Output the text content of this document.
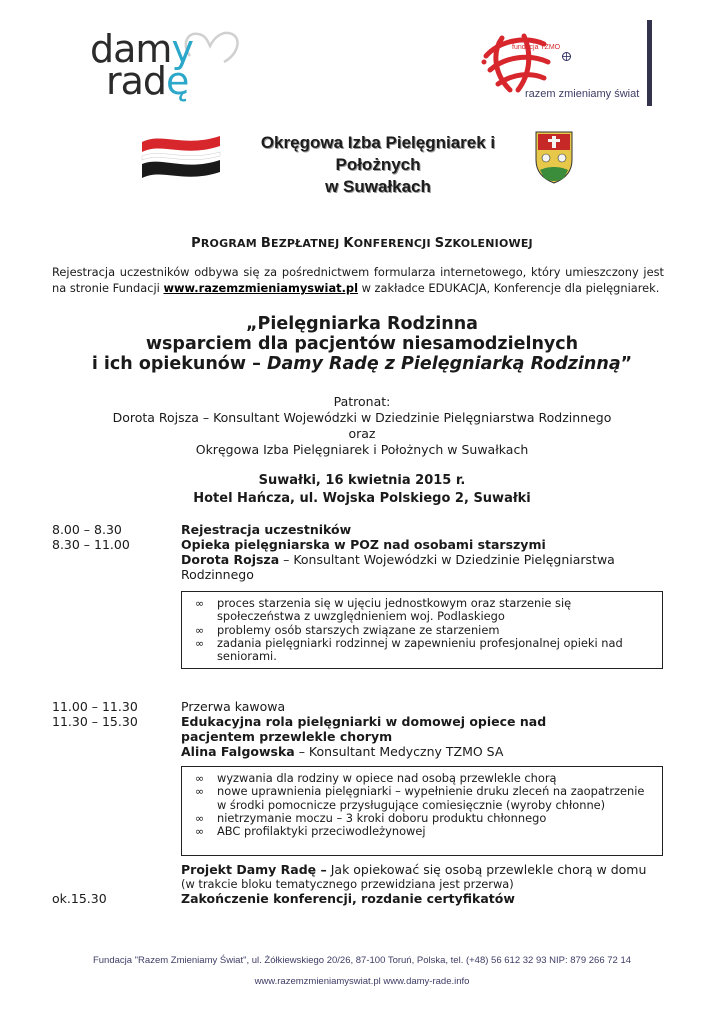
damy
radę
fundacja TZMO
razem zmieniamy świat
Okręgowa Izba Pielęgniarek i Położnych
w Suwałkach
PROGRAM BEZPŁATNEJ KONFERENCJI SZKOLENIOWEJ
Rejestracja uczestników odbywa się za pośrednictwem formularza internetowego, który umieszczony jest na stronie Fundacji www.razemzmieniamyswiat.pl w zakładce EDUKACJA, Konferencje dla pielęgniarek.
„Pielęgniarka Rodzinna
wsparciem dla pacjentów niesamodzielnych
i ich opiekunów – Damy Radę z Pielęgniarką Rodzinną”
Patronat:
Dorota Rojsza – Konsultant Wojewódzki w Dziedzinie Pielęgniarstwa Rodzinnego
oraz
Okręgowa Izba Pielęgniarek i Położnych w Suwałkach
Suwałki, 16 kwietnia 2015 r.
Hotel Hańcza, ul. Wojska Polskiego 2, Suwałki
8.00 – 8.30	Rejestracja uczestników
8.30 – 11.00	Opieka pielęgniarska w POZ nad osobami starszymi
Dorota Rojsza – Konsultant Wojewódzki w Dziedzinie Pielęgniarstwa Rodzinnego
∞ proces starzenia się w ujęciu jednostkowym oraz starzenie się społeczeństwa z uwzględnieniem woj. Podlaskiego
∞ problemy osób starszych związane ze starzeniem
∞ zadania pielęgniarki rodzinnej w zapewnieniu profesjonalnej opieki nad seniorami.
11.00 – 11.30	Przerwa kawowa
11.30 – 15.30	Edukacyjna rola pielęgniarki w domowej opiece nad pacjentem przewlekle chorym
Alina Falgowska – Konsultant Medyczny TZMO SA
∞ wyzwania dla rodziny w opiece nad osobą przewlekle chorą
∞ nowe uprawnienia pielęgniarki – wypełnienie druku zleceń na zaopatrzenie w środki pomocnicze przysługujące comiesięcznie (wyroby chłonne)
∞ nietrzymanie moczu – 3 kroki doboru produktu chłonnego
∞ ABC profilaktyki przeciwodleżynowej
Projekt Damy Radę – Jak opiekować się osobą przewlekle chorą w domu
(w trakcie bloku tematycznego przewidziana jest przerwa)
ok.15.30	Zakończenie konferencji, rozdanie certyfikatów
Fundacja "Razem Zmieniamy Świat", ul. Żółkiewskiego 20/26, 87-100 Toruń, Polska, tel. (+48) 56 612 32 93 NIP: 879 266 72 14
www.razemzmieniamyswiat.pl www.damy-rade.info
